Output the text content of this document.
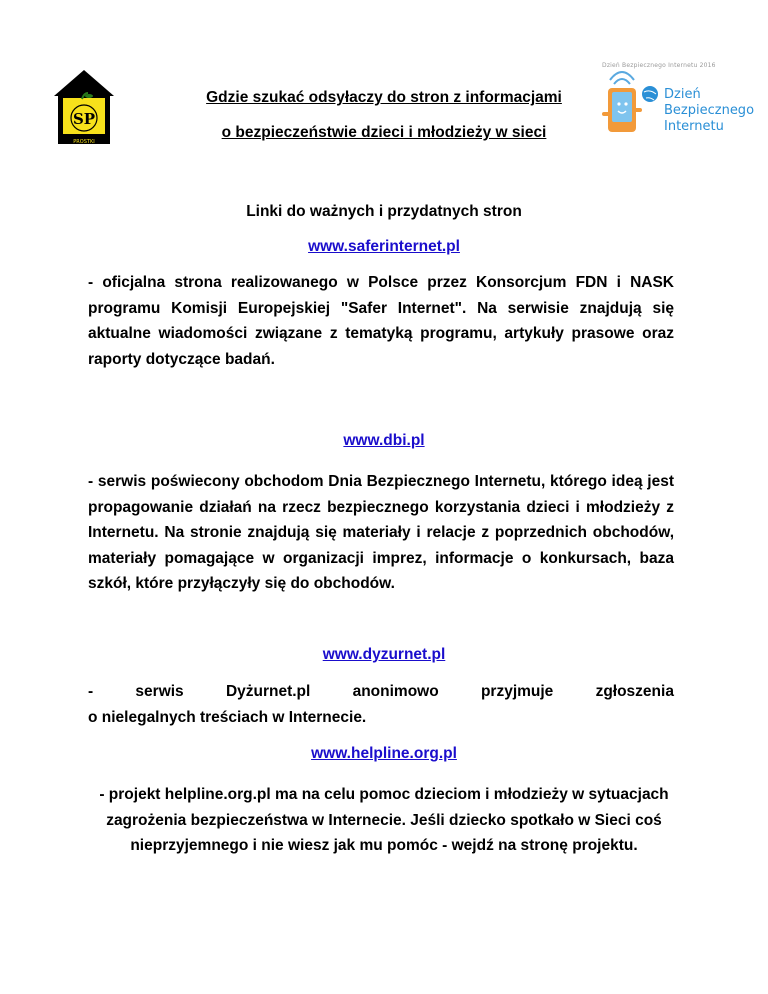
SP
PROSTKI
Dzień Bezpiecznego Internetu 2016
Dzień
Bezpiecznego
Internetu
Gdzie szukać odsyłaczy do stron z informacjami
o bezpieczeństwie dzieci i młodzieży w sieci
Linki do ważnych i przydatnych stron
www.saferinternet.pl
- oficjalna strona realizowanego w Polsce przez Konsorcjum FDN i NASK programu Komisji Europejskiej "Safer Internet". Na serwisie znajdują się aktualne wiadomości związane z tematyką programu, artykuły prasowe oraz raporty dotyczące badań.
www.dbi.pl
- serwis poświecony obchodom Dnia Bezpiecznego Internetu, którego ideą jest propagowanie działań na rzecz bezpiecznego korzystania dzieci i młodzieży z Internetu. Na stronie znajdują się materiały i relacje z poprzednich obchodów, materiały pomagające w organizacji imprez, informacje o konkursach, baza szkół, które przyłączyły się do obchodów.
www.dyzurnet.pl
-	serwis	Dyżurnet.pl	anonimowo	przyjmuje	zgłoszenia
o nielegalnych treściach w Internecie.
www.helpline.org.pl
- projekt helpline.org.pl ma na celu pomoc dzieciom i młodzieży w sytuacjach zagrożenia bezpieczeństwa w Internecie. Jeśli dziecko spotkało w Sieci coś nieprzyjemnego i nie wiesz jak mu pomóc - wejdź na stronę projektu.
